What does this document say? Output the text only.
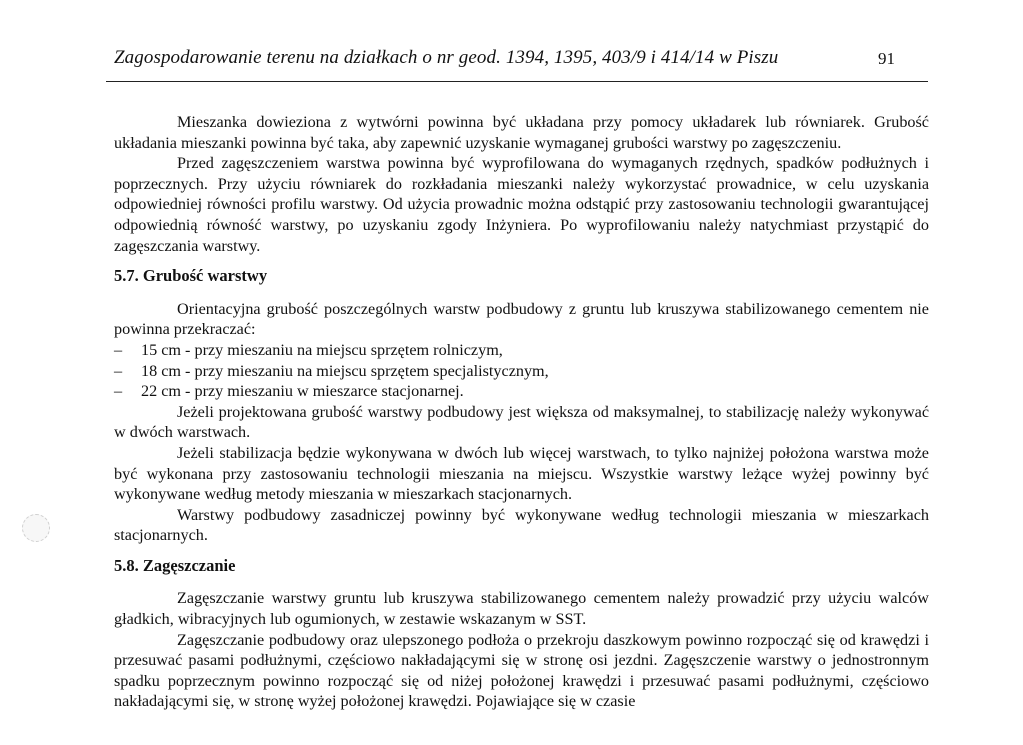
Zagospodarowanie terenu na działkach o nr geod. 1394, 1395, 403/9 i 414/14 w Piszu	91

Mieszanka dowieziona z wytwórni powinna być układana przy pomocy układarek lub równiarek. Grubość układania mieszanki powinna być taka, aby zapewnić uzyskanie wymaganej grubości warstwy po zagęszczeniu.

Przed zagęszczeniem warstwa powinna być wyprofilowana do wymaganych rzędnych, spadków podłużnych i poprzecznych. Przy użyciu równiarek do rozkładania mieszanki należy wykorzystać prowadnice, w celu uzyskania odpowiedniej równości profilu warstwy. Od użycia prowadnic można odstąpić przy zastosowaniu technologii gwarantującej odpowiednią równość warstwy, po uzyskaniu zgody Inżyniera. Po wyprofilowaniu należy natychmiast przystąpić do zagęszczania warstwy.

5.7. Grubość warstwy

Orientacyjna grubość poszczególnych warstw podbudowy z gruntu lub kruszywa stabilizowanego cementem nie powinna przekraczać:

–	15 cm - przy mieszaniu na miejscu sprzętem rolniczym,
–	18 cm - przy mieszaniu na miejscu sprzętem specjalistycznym,
–	22 cm - przy mieszaniu w mieszarce stacjonarnej.

Jeżeli projektowana grubość warstwy podbudowy jest większa od maksymalnej, to stabilizację należy wykonywać w dwóch warstwach.

Jeżeli stabilizacja będzie wykonywana w dwóch lub więcej warstwach, to tylko najniżej położona warstwa może być wykonana przy zastosowaniu technologii mieszania na miejscu. Wszystkie warstwy leżące wyżej powinny być wykonywane według metody mieszania w mieszarkach stacjonarnych.

Warstwy podbudowy zasadniczej powinny być wykonywane według technologii mieszania w mieszarkach stacjonarnych.

5.8. Zagęszczanie

Zagęszczanie warstwy gruntu lub kruszywa stabilizowanego cementem należy prowadzić przy użyciu walców gładkich, wibracyjnych lub ogumionych, w zestawie wskazanym w SST.

Zagęszczanie podbudowy oraz ulepszonego podłoża o przekroju daszkowym powinno rozpocząć się od krawędzi i przesuwać pasami podłużnymi, częściowo nakładającymi się w stronę osi jezdni. Zagęszczenie warstwy o jednostronnym spadku poprzecznym powinno rozpocząć się od niżej położonej krawędzi i przesuwać pasami podłużnymi, częściowo nakładającymi się, w stronę wyżej położonej krawędzi. Pojawiające się w czasie
